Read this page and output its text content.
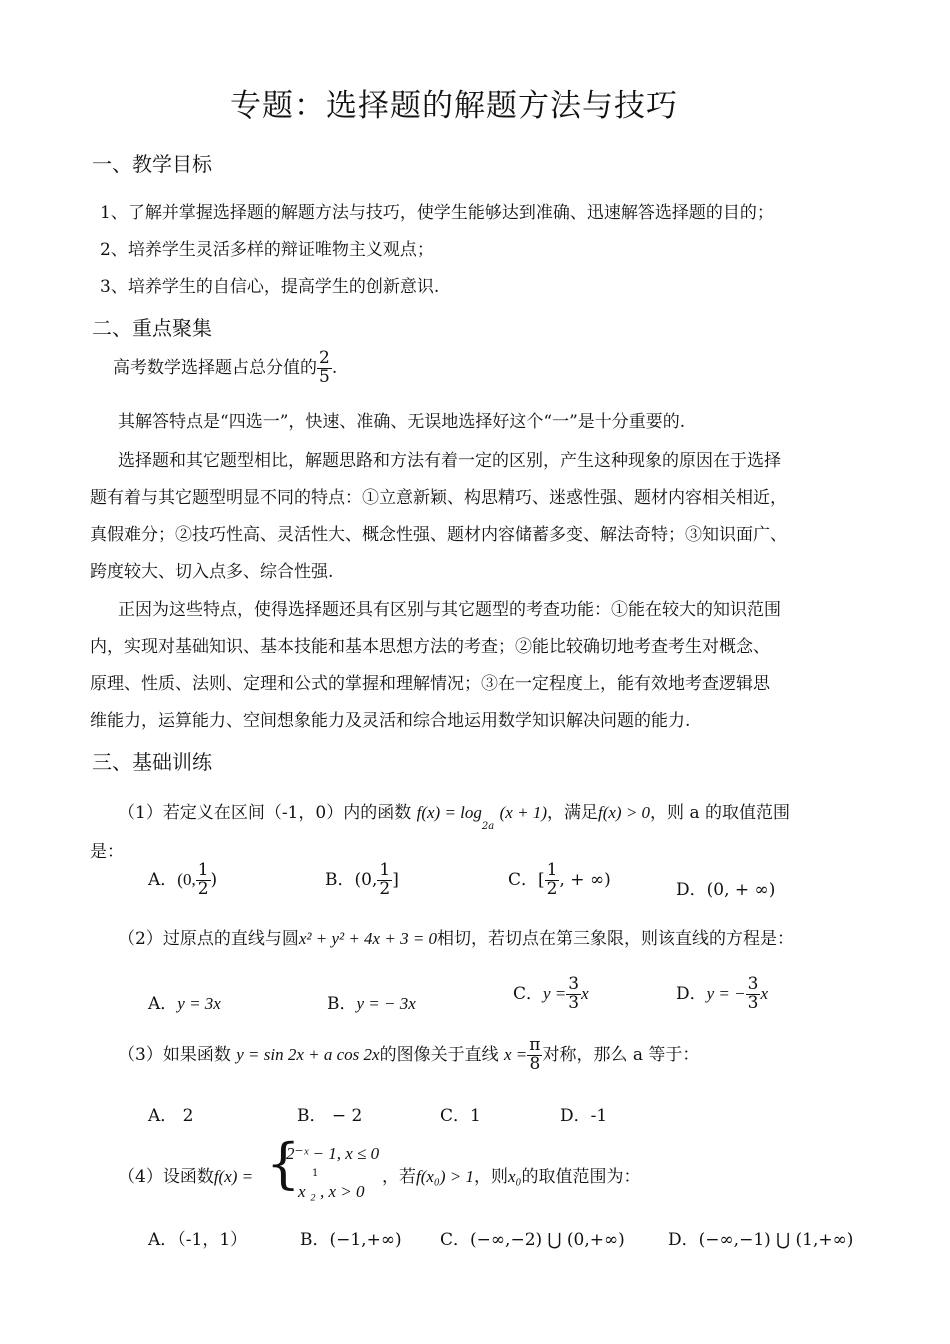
专题：选择题的解题方法与技巧
一、教学目标
1、了解并掌握选择题的解题方法与技巧，使学生能够达到准确、迅速解答选择题的目的；
2、培养学生灵活多样的辩证唯物主义观点；
3、培养学生的自信心，提高学生的创新意识.
二、重点聚集
高考数学选择题占总分值的 $\frac{2}{5}$ .
其解答特点是“四选一”，快速、准确、无误地选择好这个“一”是十分重要的.
选择题和其它题型相比，解题思路和方法有着一定的区别，产生这种现象的原因在于选择
题有着与其它题型明显不同的特点：①立意新颖、构思精巧、迷惑性强、题材内容相关相近，
真假难分；②技巧性高、灵活性大、概念性强、题材内容储蓄多变、解法奇特；③知识面广、
跨度较大、切入点多、综合性强.
正因为这些特点，使得选择题还具有区别与其它题型的考查功能：①能在较大的知识范围
内，实现对基础知识、基本技能和基本思想方法的考查；②能比较确切地考查考生对概念、
原理、性质、法则、定理和公式的掌握和理解情况；③在一定程度上，能有效地考查逻辑思
维能力，运算能力、空间想象能力及灵活和综合地运用数学知识解决问题的能力.
三、基础训练
（1）若定义在区间（-1，0）内的函数 $f(x) = \log_{2a} (x + 1)$，满足f(x) > 0，则 a 的取值范围
是：
A．(0, $\frac{1}{2}$ )	B．(0, $\frac{1}{2}$ ]	C．[ $\frac{1}{2}$ , + ∞)
D．(0, + ∞)
（2）过原点的直线与圆x² + y² + 4x + 3 = 0相切，若切点在第三象限，则该直线的方程是：
A．y = 3x	B．y = − 3x	C．$y = \frac{3}{3}$ x	D．y = − $\frac{3}{3}$ x
（3）如果函数 y = sin 2x + a cos 2x的图像关于直线 $x = \frac{\pi}{8}$ 对称，那么 a 等于：
A． 2	B． − 2	C．1	D．-1
（4）设函数f(x) = {
2⁻ˣ − 1, x ≤ 0
1
x ₂ , x > 0
，若f(x₀) > 1，则x₀的取值范围为：
A．（-1，1）	B．(−1,+∞) C．(−∞,−2) ⋃ (0,+∞)	D．(−∞,−1) ⋃ (1,+∞)
